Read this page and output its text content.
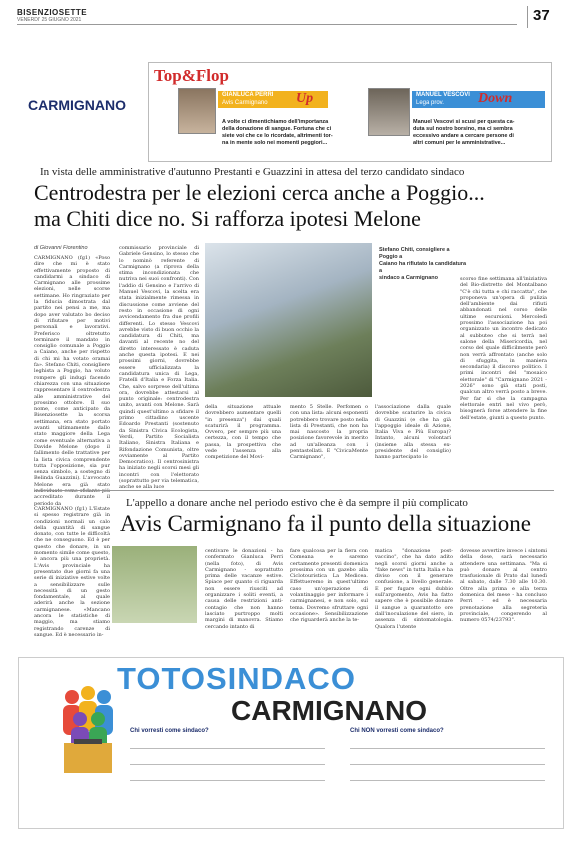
BISENZIOSETTE
VENERDI' 25 GIUGNO 2021	37
CARMIGNANO
Top&Flop
GIANLUCA PERRI
Avis Carmignano Up	MANUEL VESCOVI
Lega prov. Down
A volte ci dimentichiamo dell'importanza
della donazione di sangue. Fortuna che ci
siete voi che ce lo ricordate, altrimenti tor-
na in mente solo nei momenti peggiori...
Manuel Vescovi si scusi per questa ca-
duta sul nostro borsino, ma ci sembra
eccessivo andare a cercare persone di
altri comuni per le amministrative...
In vista delle amministrative d'autunno Prestanti e Guazzini in attesa del terzo candidato sindaco
Centrodestra per le elezioni cerca anche a Poggio...
ma Chiti dice no. Si rafforza ipotesi Melone
di Giovanni Fiorentino
CARMIGNANO (fg1) «Poso dire che mi è stato effettivamente proposto di candidarmi a sindaco di Carmignano alle prossime elezioni, nelle scorse settimane. Ho ringraziato per la fiducia dimostrata dal partito nei pensi a me, ma dopo aver valutato bo deciso di rifiutare per motivi personali e lavorativi. Preferisco oltretutto terminare il mandato in consiglio comunale a Poggio a Caiano, anche per rispetto di chi mi ha votato oramai fa». Stefano Chiti, consigliere leghista a Poggio, ha voluto rompere gli indugi facendo chiarezza con una situazione rappresentare il centrodestra alle amministrative del prossimo ottobre. Il suo nome, come anticipato da Bisenziosette la scorsa settimana, era stato portato avanti ultimamente dallo stato maggiore della Lega come eventuale alternativa a Davide Melone (dopo il fallimento delle trattative per la lista civica comprendente tutta l'opposizione, sia pur senza simbolo, a sostegno di Belinda Guazzini). L'avvocato Melone era già stato accreditato durante il periodo da
commissario provinciale di Gabriele Gensino, lo stesso che lo nominò referente di Carmignano (a riprova della stima incondizionata che nutriva nei suoi confronti). Con l'addio di Gensino e l'arrivo di Manuel Vescovi, la scelta era stata inizialmente rimessa in discussione come avviene del resto in occasione di ogni avvicendamento fra due profili differenti. Lo stesso Vescovi avrebbe visto di buon occhio la candidatura di Chiti, ma davanti al recente no del diretto interessato è caduta anche questa ipotesi. E nei prossimi giorni, dovrebbe essere ufficializzata la candidatura unica di Lega, Fratelli d'Italia e Forza Italia. Che, salvo sorprese dell'ultima ora, dovrebbe attestarsi al punto originale: centrodestra unito, avanti con Melone. Sarà quindi quest'ultimo a sfidare il primo cittadino uscente Edoardo Prestanti (sostenuto da Sinistra Civica Ecologista, Verdi, Partito Socialista Italiano, Sinistra Italiana e Rifondazione Comunista, oltre ovviamente al Partito Democratico). Il centrosinistra ha iniziato negli scorsi mesi gli incontri con l'elettorato (soprattutto per via telematica, anche se alla luce
della situazione attuale dovrebbero aumentare quelli "in presenza") dai quali scaturirà il programma. Ovvero, per sempre più una certezza, con il tempo che passa, la prospettiva che vede l'assenza alla competizione del Movi-
mento 5 Stelle. Perfomen o con una lista: alcuni esponenti potrebbero trovare posto nella lista di Prestanti, che non ha mai nascosto la propria posizione favorevole in merito ad un'alleanza con i pentastellati. E "CivicaMente Carmignano",
l'associazione dalla quale dovrebbe scaturire la civica di Guazzini (e che ha già l'appoggio ideale di Azione, Italia Viva e Più Europa)? Intanto, alcuni volontari (insieme alla stessa ex-presidente del consiglio) hanno partecipato lo
Stefano Chiti, consigliere a Poggio a
Caiano ha rifiutato la candidatura a
sindaco a Carmignano	scorso fine settimana all'iniziativa del Bio-distretto del Montalbano "C'è chi tutta e chi raccatta", che proponeva un'opera di pulizia dell'ambiente dai rifiuti abbandonati nel corso delle ultime escursioni. Mercoledì prossimo l'associazione ha poi organizzato un incontro dedicato al subbuteo che si terrà nel salone della Misericordia, nel corso del quale difficilmente però non verrà affrontato (anche solo di sfuggita, in maniera secondaria) il discorso politico. I primi incontri del "mosaico elettorale" di "Carmignano 2021 - 2026" sono già stati posti, qualcun altro verrà posto a breve. Per far sì che la campagna elettorale entri nel vivo però, bisognerà forse attendere la fine dell'estate, giunti a questo punto.
L'appello a donare anche nel periodo estivo che è da sempre il più complicato
Avis Carmignano fa il punto della situazione
CARMIGNANO (fg1) L'Estate si spesso registrare già in condizioni normali un calo della quantità di sangue donato, con tutte le difficoltà che ne conseguono. Ed è per questo che donare, in un momento simile come questo, è ancora più una proprietà. L'Avis provinciale ha presentato due giorni fa una serie di iniziative estive volte a sensibilizzare sulle necessità di un gesto fondamentale, al quale aderirà anche la sezione carmignanese. «Mancano ancora le statistiche di maggio, ma stiamo registrando carenze di sangue. Ed è necessario in-
centivare le donazioni - ha confermato Gianluca Perri (nella foto), di Avis Carmignano - soprattutto prima delle vacanze estive. Spiace per quanto ci riguarda non essere riusciti ad organizzare i soliti eventi, a causa delle restrizioni anti-contagio che non hanno lasciato purtroppo molti margini di manovra. Stiamo cercando intanto di
fare qualcosa per la fiera con Comeana e saremo certamente presenti domenica prossima con un gazebo alla Ciclotouristica La Medicea. Effettueremo in quest'ultimo caso un'operazione di volantinaggio per informare i carmignanesi, e non solo, sul tema. Dovremo sfruttare ogni occasione». Sensibilizzazione che riguarderà anche la te-
matica "donazione post-vaccino", che ha dato adito negli scorsi giorni anche a "fake news" in tutta Italia e ha diviso con il generare confusione, a livello generale. E per fugare ogni dubbio sull'argomento, Avis ha fatto sapere che è possibile donare il sangue a quarantotto ore dall'inoculazione del siero, in assenza di sintomatologia. Qualora l'utente
dovesse avvertire invece i sintomi della dose, sarà necessario attendere una settimana. "Ma si può donare al centro trasfusionale di Prato dal lunedì al sabato, dalle 7.30 alle 10.30. Oltre alla prima e alla terza domenica del mese - ha concluso Perri - ed è necessaria prenotazione alla segreteria provinciale, congerendo al numero 0574/23793".
TOTOSINDACO
CARMIGNANO
Chi vorresti come sindaco?	Chi NON vorresti come sindaco?
